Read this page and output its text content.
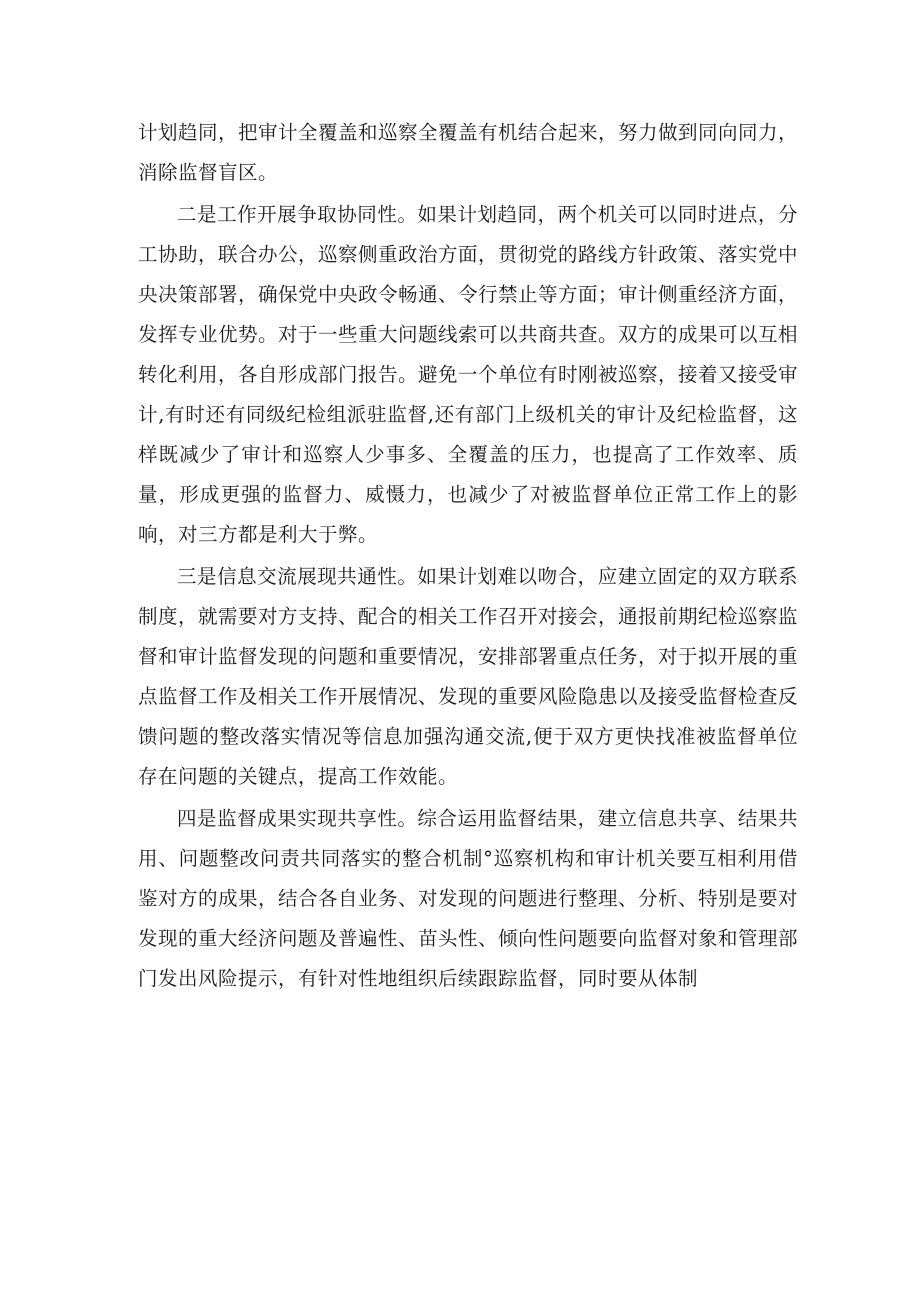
计划趋同，把审计全覆盖和巡察全覆盖有机结合起来，努力做到同向同力，消除监督盲区。

二是工作开展争取协同性。如果计划趋同，两个机关可以同时进点，分工协助，联合办公，巡察侧重政治方面，贯彻党的路线方针政策、落实党中央决策部署，确保党中央政令畅通、令行禁止等方面；审计侧重经济方面，发挥专业优势。对于一些重大问题线索可以共商共查。双方的成果可以互相转化利用，各自形成部门报告。避免一个单位有时刚被巡察，接着又接受审计,有时还有同级纪检组派驻监督,还有部门上级机关的审计及纪检监督，这样既减少了审计和巡察人少事多、全覆盖的压力，也提高了工作效率、质量，形成更强的监督力、威慑力，也减少了对被监督单位正常工作上的影响，对三方都是利大于弊。

三是信息交流展现共通性。如果计划难以吻合，应建立固定的双方联系制度，就需要对方支持、配合的相关工作召开对接会，通报前期纪检巡察监督和审计监督发现的问题和重要情况，安排部署重点任务，对于拟开展的重点监督工作及相关工作开展情况、发现的重要风险隐患以及接受监督检查反馈问题的整改落实情况等信息加强沟通交流,便于双方更快找准被监督单位存在问题的关键点，提高工作效能。

四是监督成果实现共享性。综合运用监督结果，建立信息共享、结果共用、问题整改问责共同落实的整合机制°巡察机构和审计机关要互相利用借鉴对方的成果，结合各自业务、对发现的问题进行整理、分析、特别是要对发现的重大经济问题及普遍性、苗头性、倾向性问题要向监督对象和管理部门发出风险提示，有针对性地组织后续跟踪监督，同时要从体制
